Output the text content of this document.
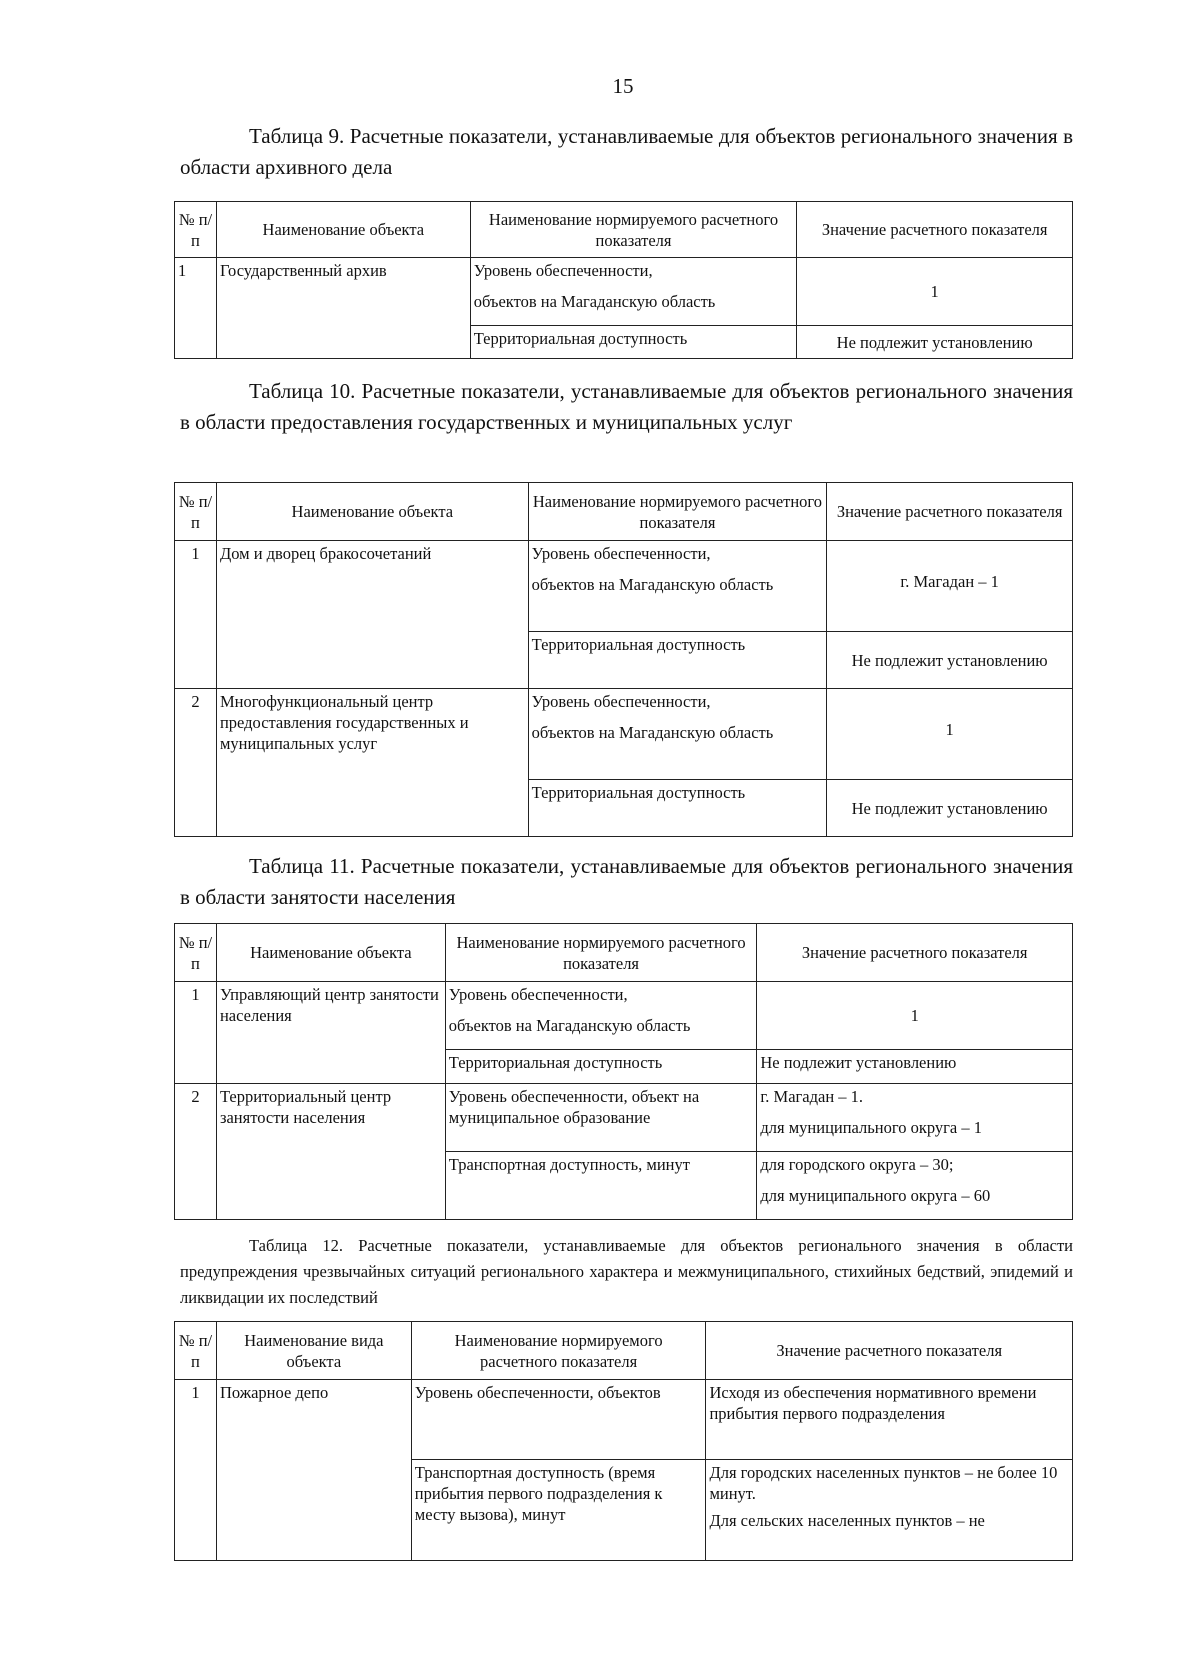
15
Таблица 9. Расчетные показатели, устанавливаемые для объектов регионального значения в области архивного дела
№ п/п	Наименование объекта	Наименование нормируемого расчетного показателя	Значение расчетного показателя
1	Государственный архив	Уровень обеспеченности,
объектов на Магаданскую область	1
		Территориальная доступность	Не подлежит установлению
Таблица 10. Расчетные показатели, устанавливаемые для объектов регионального значения в области предоставления государственных и муниципальных услуг
№ п/п	Наименование объекта	Наименование нормируемого расчетного показателя	Значение расчетного показателя
1	Дом и дворец бракосочетаний	Уровень обеспеченности,
объектов на Магаданскую область	г. Магадан – 1
		Территориальная доступность	Не подлежит установлению
2	Многофункциональный центр предоставления государственных и муниципальных услуг	Уровень обеспеченности,
объектов на Магаданскую область	1
		Территориальная доступность	Не подлежит установлению
Таблица 11. Расчетные показатели, устанавливаемые для объектов регионального значения в области занятости населения
№ п/п	Наименование объекта	Наименование нормируемого расчетного показателя	Значение расчетного показателя
1	Управляющий центр занятости населения	Уровень обеспеченности,
объектов на Магаданскую область	1
		Территориальная доступность	Не подлежит установлению
2	Территориальный центр занятости населения	Уровень обеспеченности, объект на муниципальное образование	г. Магадан – 1.
для муниципального округа – 1
		Транспортная доступность, минут	для городского округа – 30;
для муниципального округа – 60
Таблица 12. Расчетные показатели, устанавливаемые для объектов регионального значения в области предупреждения чрезвычайных ситуаций регионального характера и межмуниципального, стихийных бедствий, эпидемий и ликвидации их последствий
№ п/п	Наименование вида объекта	Наименование нормируемого расчетного показателя	Значение расчетного показателя
1	Пожарное депо	Уровень обеспеченности, объектов	Исходя из обеспечения нормативного времени прибытия первого подразделения
		Транспортная доступность (время прибытия первого подразделения к месту вызова), минут	Для городских населенных пунктов – не более 10 минут.
Для сельских населенных пунктов – не
